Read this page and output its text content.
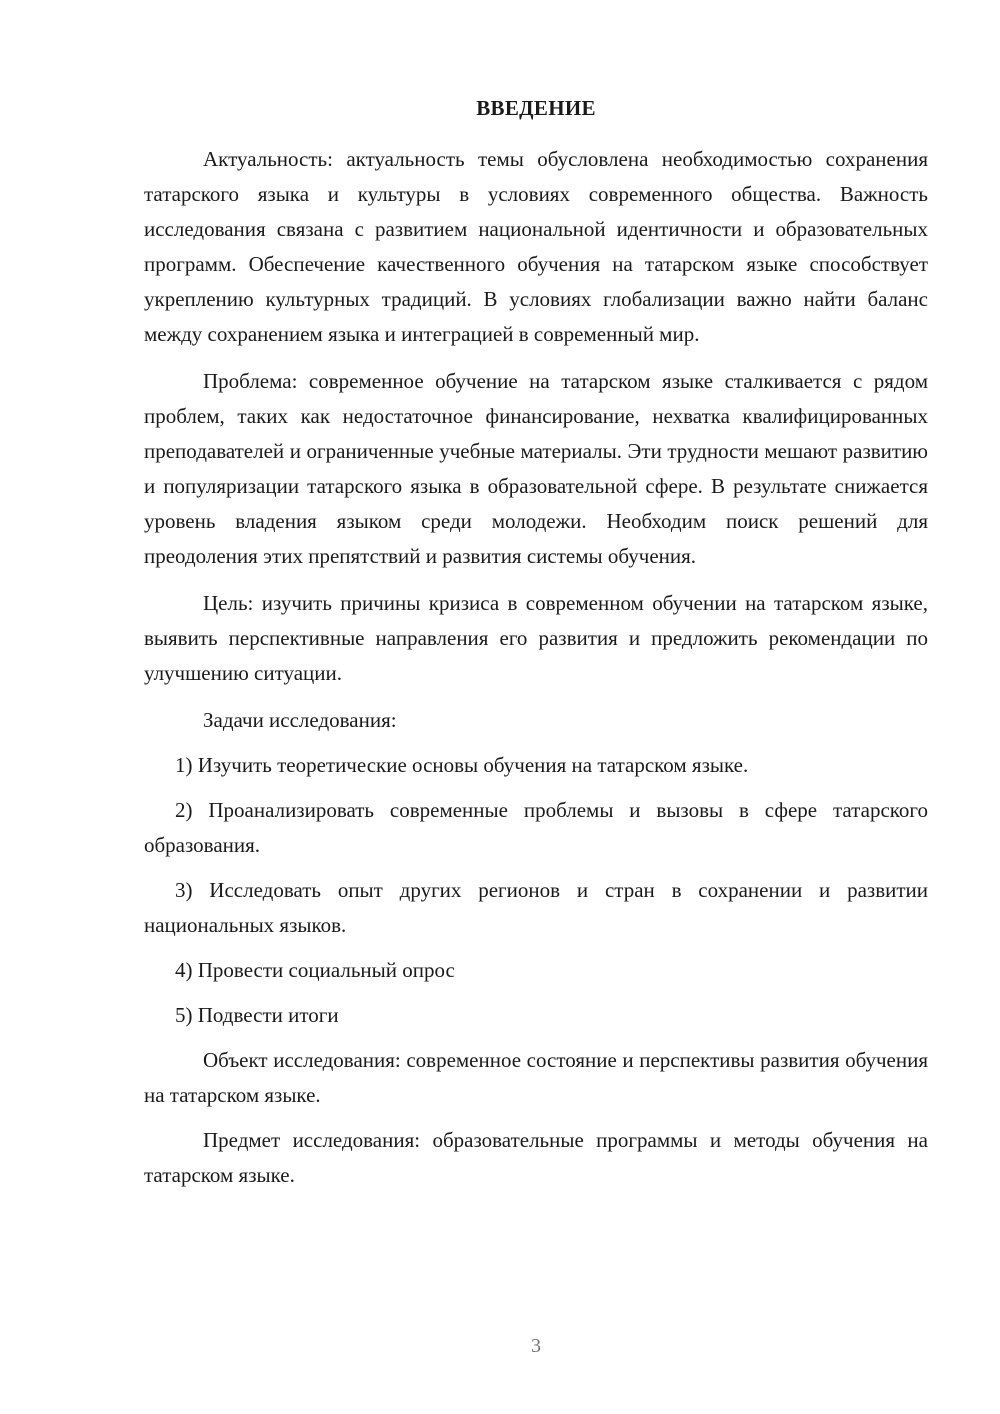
ВВЕДЕНИЕ

Актуальность: актуальность темы обусловлена необходимостью сохранения татарского языка и культуры в условиях современного общества. Важность исследования связана с развитием национальной идентичности и образовательных программ. Обеспечение качественного обучения на татарском языке способствует укреплению культурных традиций. В условиях глобализации важно найти баланс между сохранением языка и интеграцией в современный мир.

Проблема: современное обучение на татарском языке сталкивается с рядом проблем, таких как недостаточное финансирование, нехватка квалифицированных преподавателей и ограниченные учебные материалы. Эти трудности мешают развитию и популяризации татарского языка в образовательной сфере. В результате снижается уровень владения языком среди молодежи. Необходим поиск решений для преодоления этих препятствий и развития системы обучения.

Цель: изучить причины кризиса в современном обучении на татарском языке, выявить перспективные направления его развития и предложить рекомендации по улучшению ситуации.

Задачи исследования:

1) Изучить теоретические основы обучения на татарском языке.

2) Проанализировать современные проблемы и вызовы в сфере татарского образования.

3) Исследовать опыт других регионов и стран в сохранении и развитии национальных языков.

4) Провести социальный опрос

5) Подвести итоги

Объект исследования: современное состояние и перспективы развития обучения на татарском языке.

Предмет исследования: образовательные программы и методы обучения на татарском языке.

3
